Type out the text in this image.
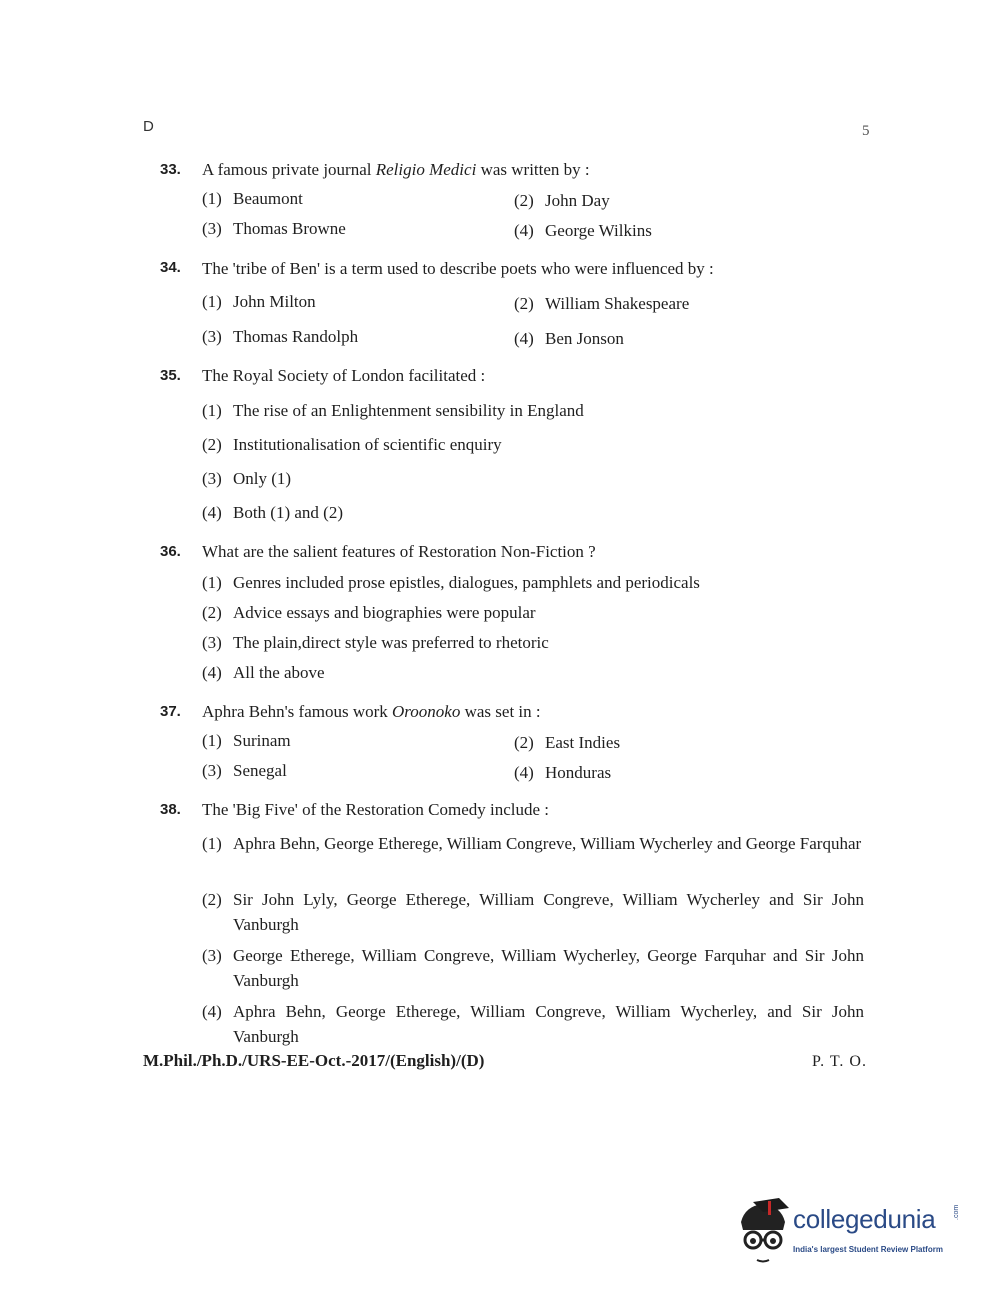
D	5
33. A famous private journal Religio Medici was written by :
(1) Beaumont	(2) John Day
(3) Thomas Browne	(4) George Wilkins
34. The 'tribe of Ben' is a term used to describe poets who were influenced by :
(1) John Milton	(2) William Shakespeare
(3) Thomas Randolph	(4) Ben Jonson
35. The Royal Society of London facilitated :
(1) The rise of an Enlightenment sensibility in England
(2) Institutionalisation of scientific enquiry
(3) Only (1)
(4) Both (1) and (2)
36. What are the salient features of Restoration Non-Fiction ?
(1) Genres included prose epistles, dialogues, pamphlets and periodicals
(2) Advice essays and biographies were popular
(3) The plain,direct style was preferred to rhetoric
(4) All the above
37. Aphra Behn's famous work Oroonoko was set in :
(1) Surinam	(2) East Indies
(3) Senegal	(4) Honduras
38. The 'Big Five' of the Restoration Comedy include :
(1) Aphra Behn, George Etherege, William Congreve, William Wycherley and George Farquhar
(2) Sir John Lyly, George Etherege, William Congreve, William Wycherley and Sir John Vanburgh
(3) George Etherege, William Congreve, William Wycherley, George Farquhar and Sir John Vanburgh
(4) Aphra Behn, George Etherege, William Congreve, William Wycherley, and Sir John Vanburgh
M.Phil./Ph.D./URS-EE-Oct.-2017/(English)/(D)	P. T. O.
collegedunia	.com
India's largest Student Review Platform
